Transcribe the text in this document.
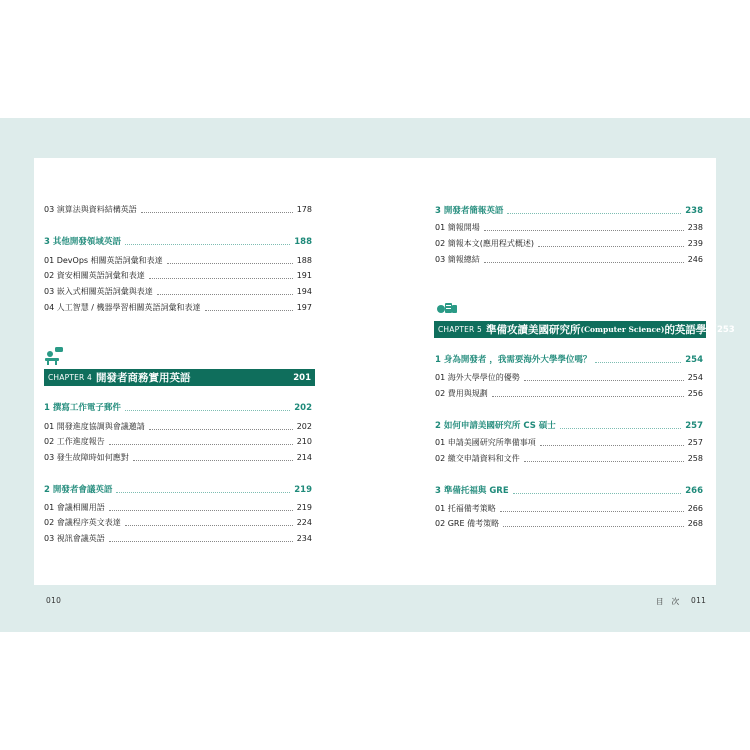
03 演算法與資料結構英語	178
3 其他開發領域英語	188
01 DevOps 相關英語詞彙和表達	188
02 資安相關英語詞彙和表達	191
03 嵌入式相關英語詞彙與表達	194
04 人工智慧 / 機器學習相關英語詞彙和表達	197
CHAPTER 4 開發者商務實用英語	201
1 撰寫工作電子郵件	202
01 開發進度協調與會議邀請	202
02 工作進度報告	210
03 發生故障時如何應對	214
2 開發者會議英語	219
01 會議相關用語	219
02 會議程序英文表達	224
03 視訊會議英語	234
3 開發者簡報英語	238
01 簡報開場	238
02 簡報本文(應用程式概述)	239
03 簡報總結	246
CHAPTER 5 準備攻讀美國研究所 (Computer Science) 的英語學習 253
1 身為開發者 ，我需要海外大學學位嗎？	254
01 海外大學學位的優勢	254
02 費用與規劃	256
2 如何申請美國研究所 CS 碩士	257
01 申請美國研究所準備事項	257
02 繳交申請資料和文件	258
3 準備托福與 GRE	266
01 托福備考策略	266
02 GRE 備考策略	268
010	目　次 011
